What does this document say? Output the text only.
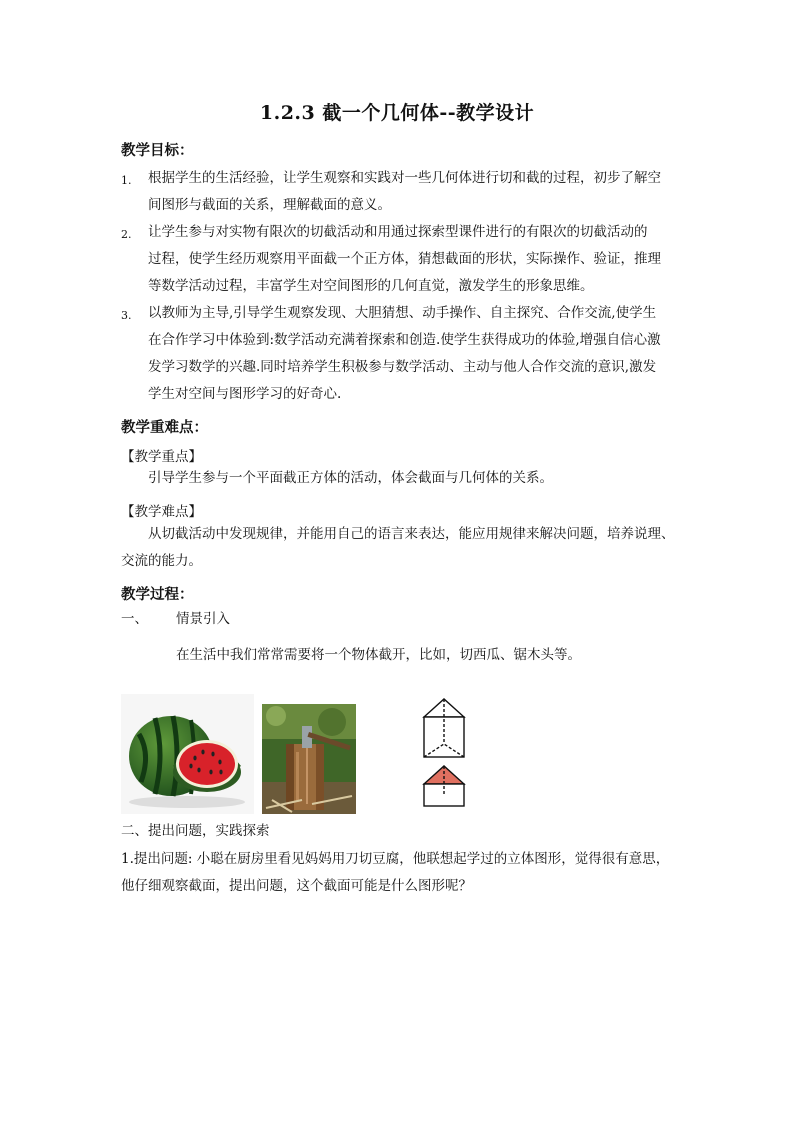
1.2.3 截一个几何体--教学设计
教学目标：
1. 根据学生的生活经验，让学生观察和实践对一些几何体进行切和截的过程，初步了解空
间图形与截面的关系，理解截面的意义。
2. 让学生参与对实物有限次的切截活动和用通过探索型课件进行的有限次的切截活动的
过程，使学生经历观察用平面截一个正方体，猜想截面的形状，实际操作、验证，推理
等数学活动过程，丰富学生对空间图形的几何直觉，激发学生的形象思维。
3. 以教师为主导,引导学生观察发现、大胆猜想、动手操作、自主探究、合作交流,使学生
在合作学习中体验到:数学活动充满着探索和创造.使学生获得成功的体验,增强自信心激
发学习数学的兴趣.同时培养学生积极参与数学活动、主动与他人合作交流的意识,激发
学生对空间与图形学习的好奇心.
教学重难点：
【教学重点】
引导学生参与一个平面截正方体的活动，体会截面与几何体的关系。
【教学难点】
从切截活动中发现规律，并能用自己的语言来表达，能应用规律来解决问题，培养说理、
交流的能力。
教学过程：
一、 情景引入
在生活中我们常常需要将一个物体截开，比如，切西瓜、锯木头等。
二、提出问题，实践探索
1.提出问题: 小聪在厨房里看见妈妈用刀切豆腐，他联想起学过的立体图形，觉得很有意思，
他仔细观察截面，提出问题，这个截面可能是什么图形呢？
